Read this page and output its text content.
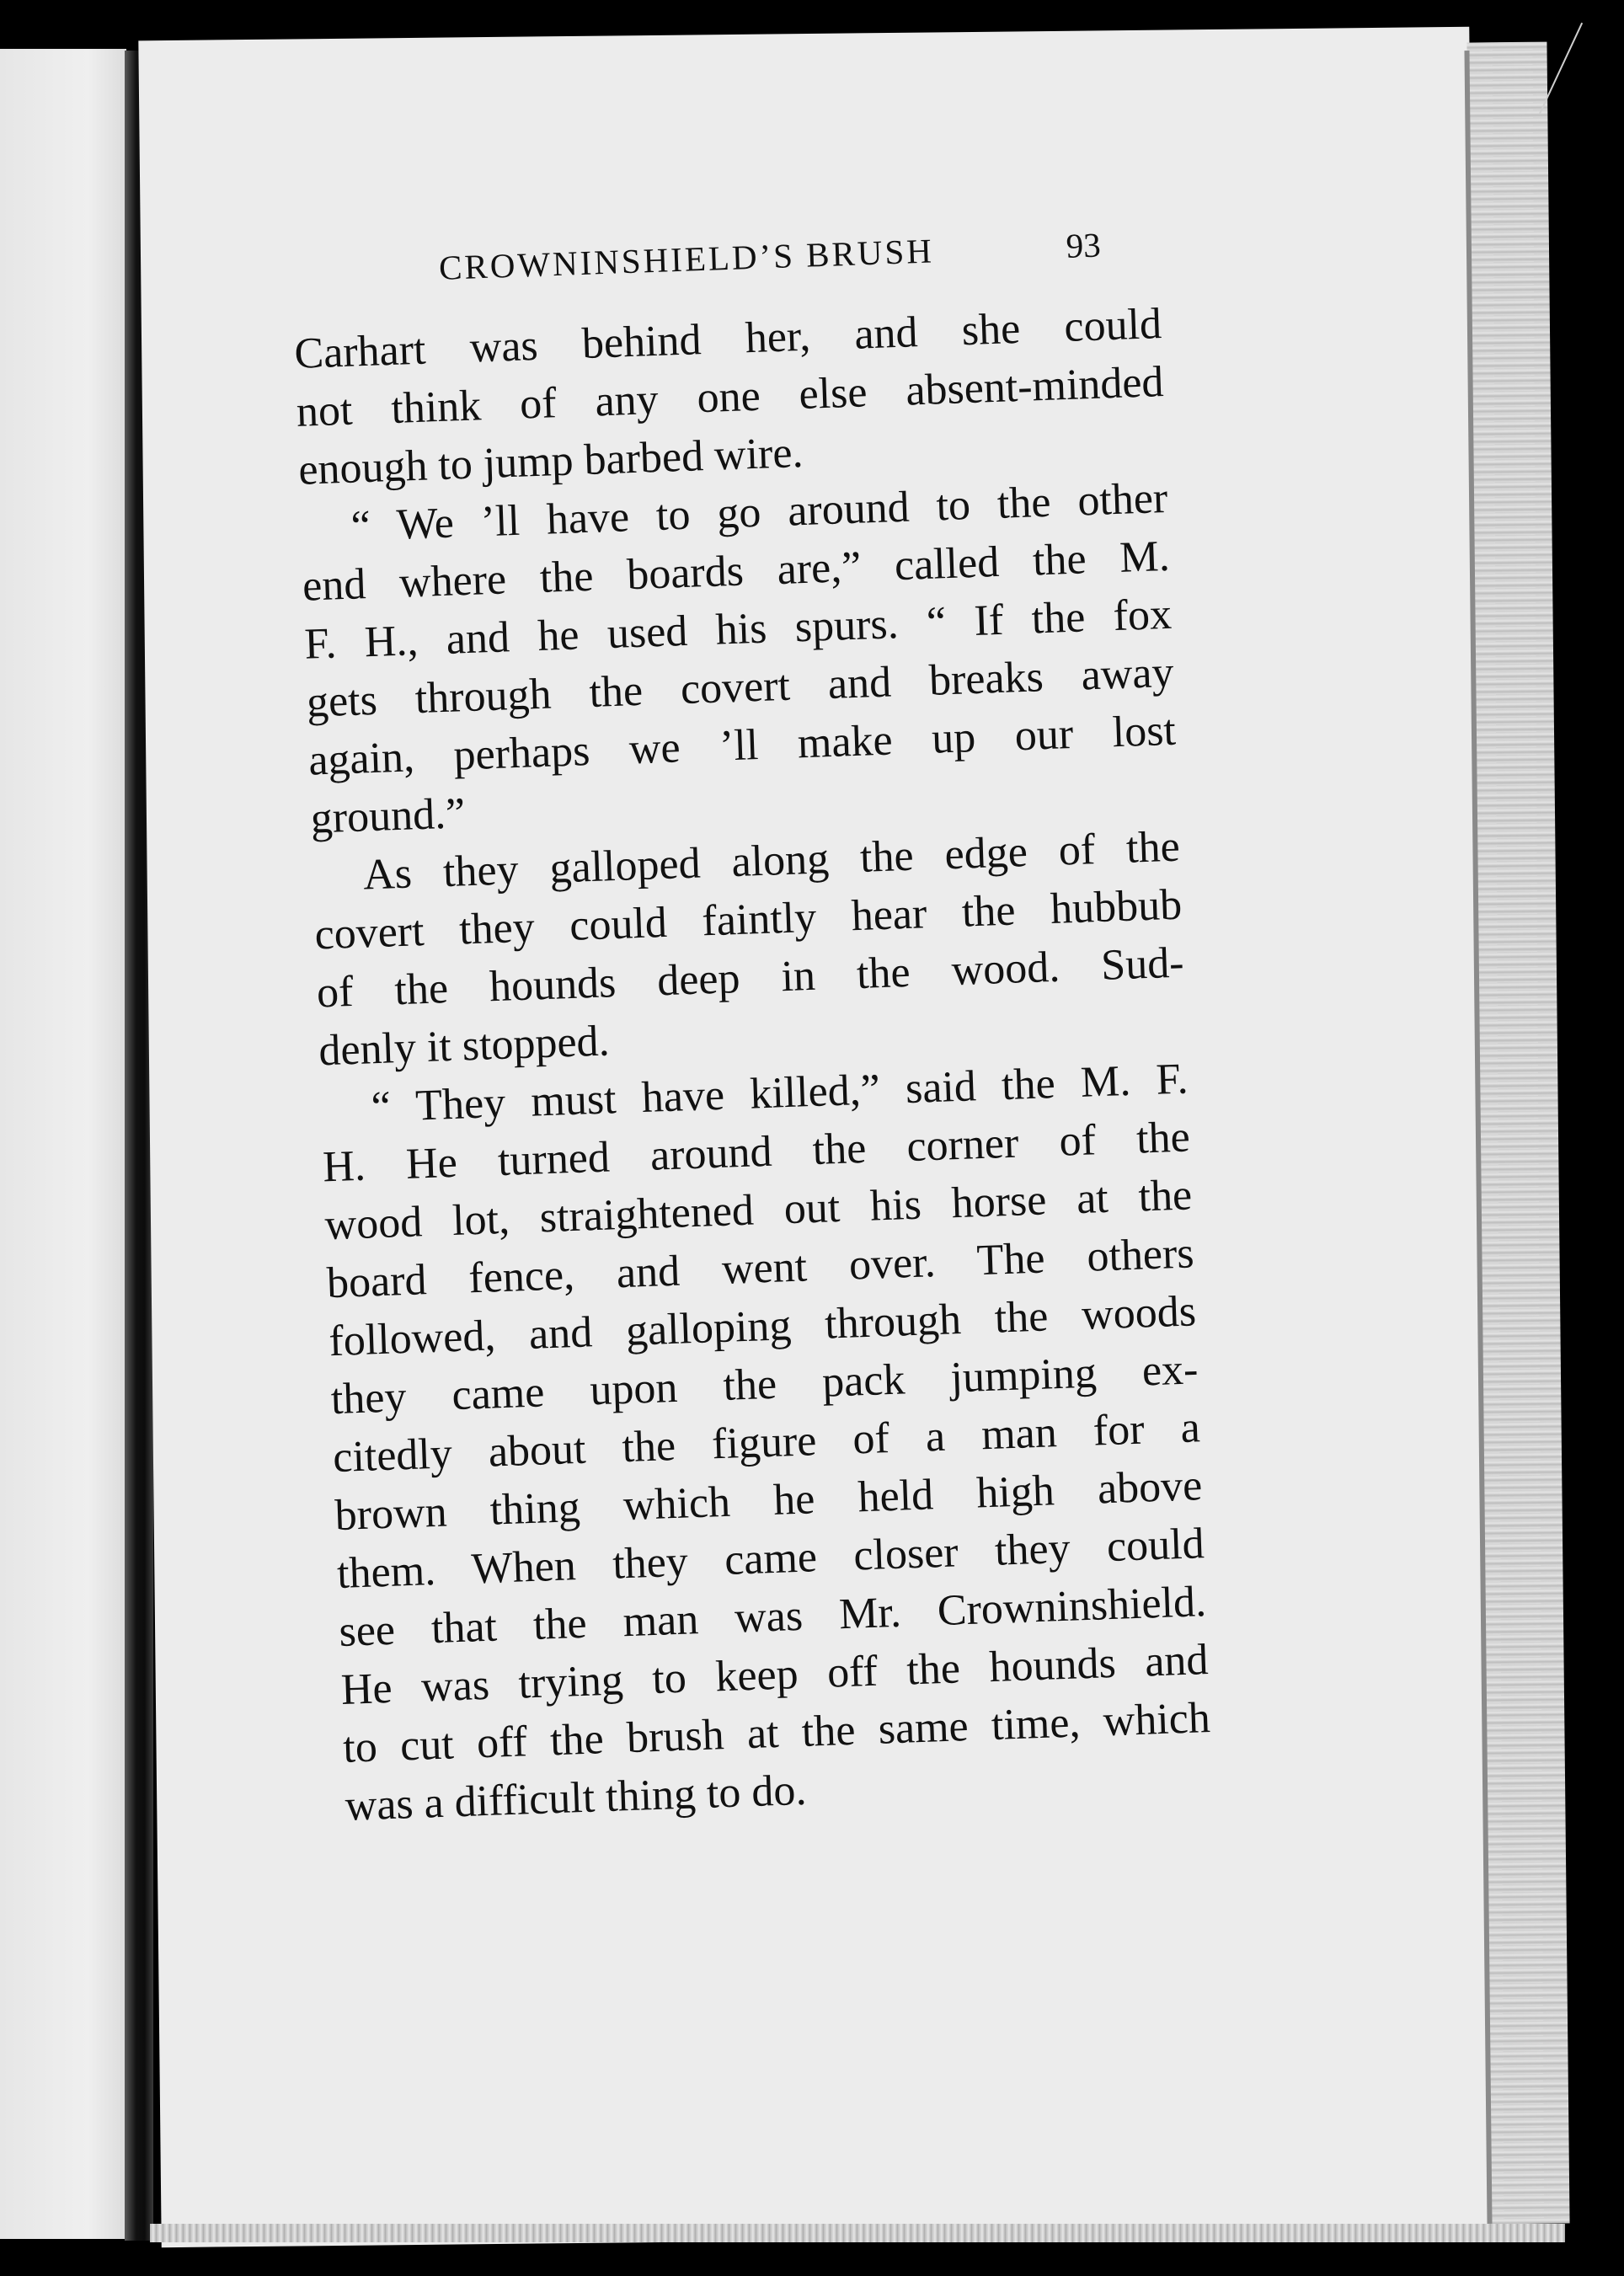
CROWNINSHIELD’S BRUSH	93
Carhart was behind her, and she could
not think of any one else absent-minded
enough to jump barbed wire.
“ We ’ll have to go around to the other
end where the boards are,” called the M.
F. H., and he used his spurs. “ If the fox
gets through the covert and breaks away
again, perhaps we ’ll make up our lost
ground.”
As they galloped along the edge of the
covert they could faintly hear the hubbub
of the hounds deep in the wood. Sud-
denly it stopped.
“ They must have killed,” said the M. F.
H. He turned around the corner of the
wood lot, straightened out his horse at the
board fence, and went over. The others
followed, and galloping through the woods
they came upon the pack jumping ex-
citedly about the figure of a man for a
brown thing which he held high above
them. When they came closer they could
see that the man was Mr. Crowninshield.
He was trying to keep off the hounds and
to cut off the brush at the same time, which
was a difficult thing to do.
